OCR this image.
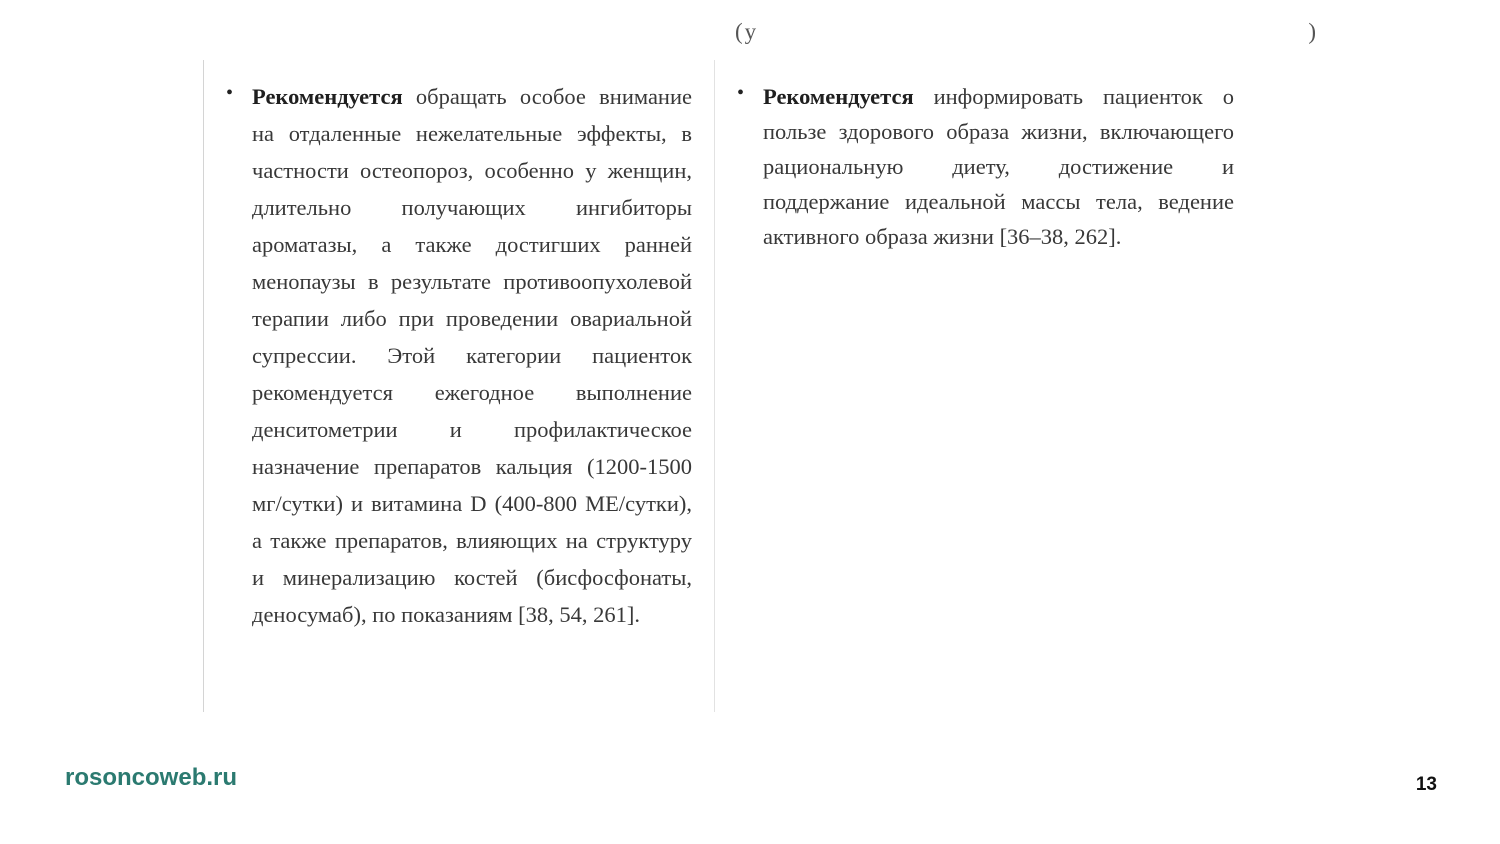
(y                                                                       )
• Рекомендуется обращать особое внимание на отдаленные нежелательные эффекты, в частности остеопороз, особенно у женщин, длительно получающих ингибиторы ароматазы, а также достигших ранней менопаузы в результате противоопухолевой терапии либо при проведении овариальной супрессии. Этой категории пациенток рекомендуется ежегодное выполнение денситометрии и профилактическое назначение препаратов кальция (1200-1500 мг/сутки) и витамина D (400-800 МЕ/сутки), а также препаратов, влияющих на структуру и минерализацию костей (бисфосфонаты, деносумаб), по показаниям [38, 54, 261].

• Рекомендуется информировать пациенток о пользе здорового образа жизни, включающего рациональную диету, достижение и поддержание идеальной массы тела, ведение активного образа жизни [36–38, 262].

rosoncoweb.ru	13
